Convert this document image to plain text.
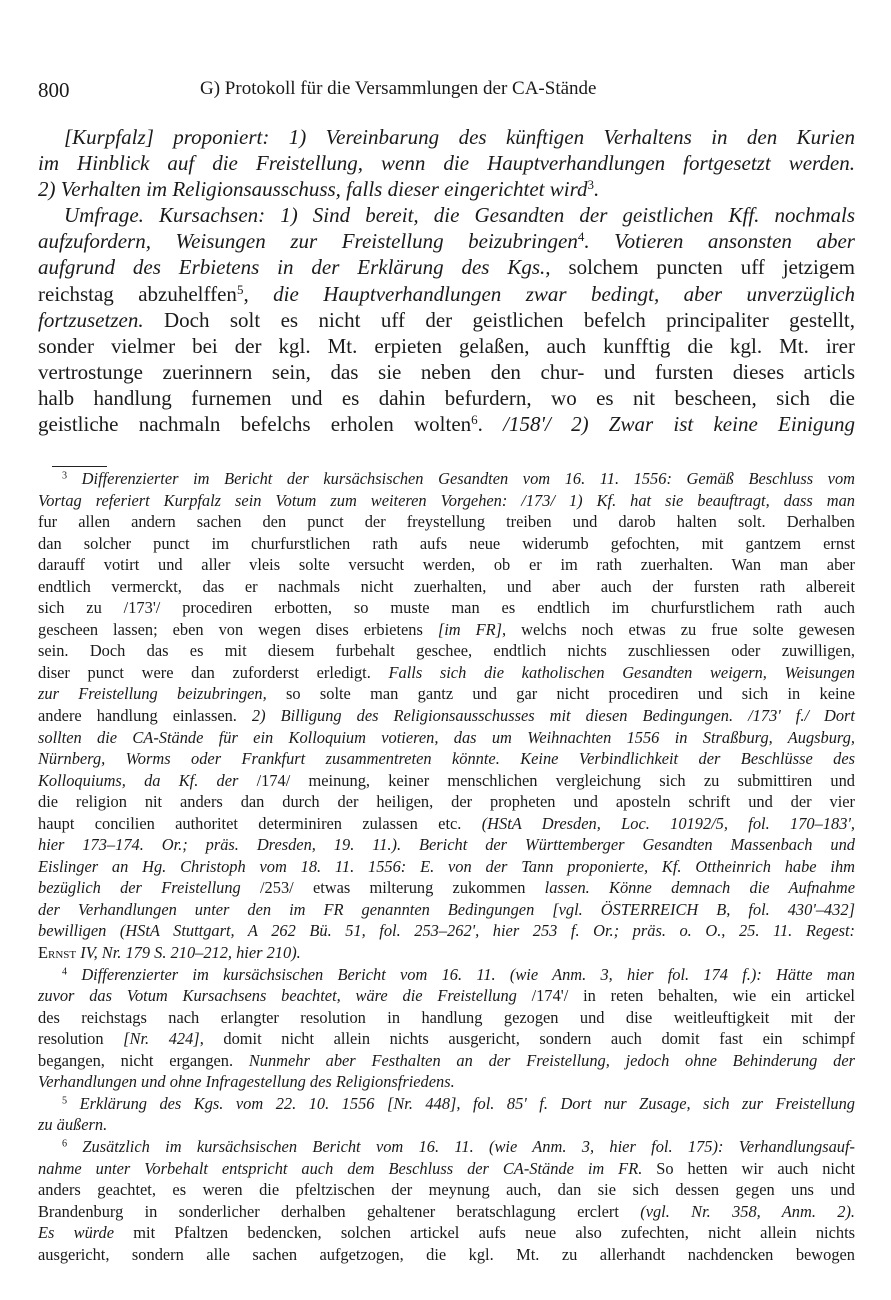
800	G) Protokoll für die Versammlungen der CA-Stände
[Kurpfalz] proponiert: 1) Vereinbarung des künftigen Verhaltens in den Kurien
im Hinblick auf die Freistellung, wenn die Hauptverhandlungen fortgesetzt werden.
2) Verhalten im Religionsausschuss, falls dieser eingerichtet wird$^3$.
Umfrage. Kursachsen: 1) Sind bereit, die Gesandten der geistlichen Kff. nochmals
aufzufordern, Weisungen zur Freistellung beizubringen$^4$. Votieren ansonsten aber
aufgrund des Erbietens in der Erklärung des Kgs., solchem puncten uff jetzigem
reichstag abzuhelffen$^5$, die Hauptverhandlungen zwar bedingt, aber unverzüglich
fortzusetzen. Doch solt es nicht uff der geistlichen befelch principaliter gestellt,
sonder vielmer bei der kgl. Mt. erpieten gelaßen, auch kunfftig die kgl. Mt. irer
vertrostunge zuerinnern sein, das sie neben den chur- und fursten dieses articls
halb handlung furnemen und es dahin befurdern, wo es nit bescheen, sich die
geistliche nachmaln befelchs erholen wolten$^6$. /158'/ 2) Zwar ist keine Einigung
$^3$ Differenzierter im Bericht der kursächsischen Gesandten vom 16. 11. 1556: Gemäß Beschluss vom
Vortag referiert Kurpfalz sein Votum zum weiteren Vorgehen: /173/ 1) Kf. hat sie beauftragt, dass man
fur allen andern sachen den punct der freystellung treiben und darob halten solt. Derhalben
dan solcher punct im churfurstlichen rath aufs neue widerumb gefochten, mit gantzem ernst
darauff votirt und aller vleis solte versucht werden, ob er im rath zuerhalten. Wan man aber
endtlich vermerckt, das er nachmals nicht zuerhalten, und aber auch der fursten rath albereit
sich zu /173'/ procediren erbotten, so muste man es endtlich im churfurstlichem rath auch
gescheen lassen; eben von wegen dises erbietens [im FR], welchs noch etwas zu frue solte gewesen
sein. Doch das es mit diesem furbehalt geschee, endtlich nichts zuschliessen oder zuwilligen,
diser punct were dan zuforderst erledigt. Falls sich die katholischen Gesandten weigern, Weisungen
zur Freistellung beizubringen, so solte man gantz und gar nicht procediren und sich in keine
andere handlung einlassen. 2) Billigung des Religionsausschusses mit diesen Bedingungen. /173' f./ Dort
sollten die CA-Stände für ein Kolloquium votieren, das um Weihnachten 1556 in Straßburg, Augsburg,
Nürnberg, Worms oder Frankfurt zusammentreten könnte. Keine Verbindlichkeit der Beschlüsse des
Kolloquiums, da Kf. der /174/ meinung, keiner menschlichen vergleichung sich zu submittiren und
die religion nit anders dan durch der heiligen, der propheten und aposteln schrift und der vier
haupt concilien authoritet determiniren zulassen etc. (HStA Dresden, Loc. 10192/5, fol. 170–183',
hier 173–174. Or.; präs. Dresden, 19. 11.). Bericht der Württemberger Gesandten Massenbach und
Eislinger an Hg. Christoph vom 18. 11. 1556: E. von der Tann proponierte, Kf. Ottheinrich habe ihm
bezüglich der Freistellung /253/ etwas milterung zukommen lassen. Könne demnach die Aufnahme
der Verhandlungen unter den im FR genannten Bedingungen [vgl. ÖSTERREICH B, fol. 430'–432]
bewilligen (HStA Stuttgart, A 262 Bü. 51, fol. 253–262', hier 253 f. Or.; präs. o. O., 25. 11. Regest:
Ernst IV, Nr. 179 S. 210–212, hier 210).
$^4$ Differenzierter im kursächsischen Bericht vom 16. 11. (wie Anm. 3, hier fol. 174 f.): Hätte man
zuvor das Votum Kursachsens beachtet, wäre die Freistellung /174'/ in reten behalten, wie ein artickel
des reichstags nach erlangter resolution in handlung gezogen und dise weitleuftigkeit mit der
resolution [Nr. 424], domit nicht allein nichts ausgericht, sondern auch domit fast ein schimpf
begangen, nicht ergangen. Nunmehr aber Festhalten an der Freistellung, jedoch ohne Behinderung der
Verhandlungen und ohne Infragestellung des Religionsfriedens.
$^5$ Erklärung des Kgs. vom 22. 10. 1556 [Nr. 448], fol. 85' f. Dort nur Zusage, sich zur Freistellung
zu äußern.
$^6$ Zusätzlich im kursächsischen Bericht vom 16. 11. (wie Anm. 3, hier fol. 175): Verhandlungsauf-
nahme unter Vorbehalt entspricht auch dem Beschluss der CA-Stände im FR. So hetten wir auch nicht
anders geachtet, es weren die pfeltzischen der meynung auch, dan sie sich dessen gegen uns und
Brandenburg in sonderlicher derhalben gehaltener beratschlagung erclert (vgl. Nr. 358, Anm. 2).
Es würde mit Pfaltzen bedencken, solchen artickel aufs neue also zufechten, nicht allein nichts
ausgericht, sondern alle sachen aufgetzogen, die kgl. Mt. zu allerhandt nachdencken bewogen
